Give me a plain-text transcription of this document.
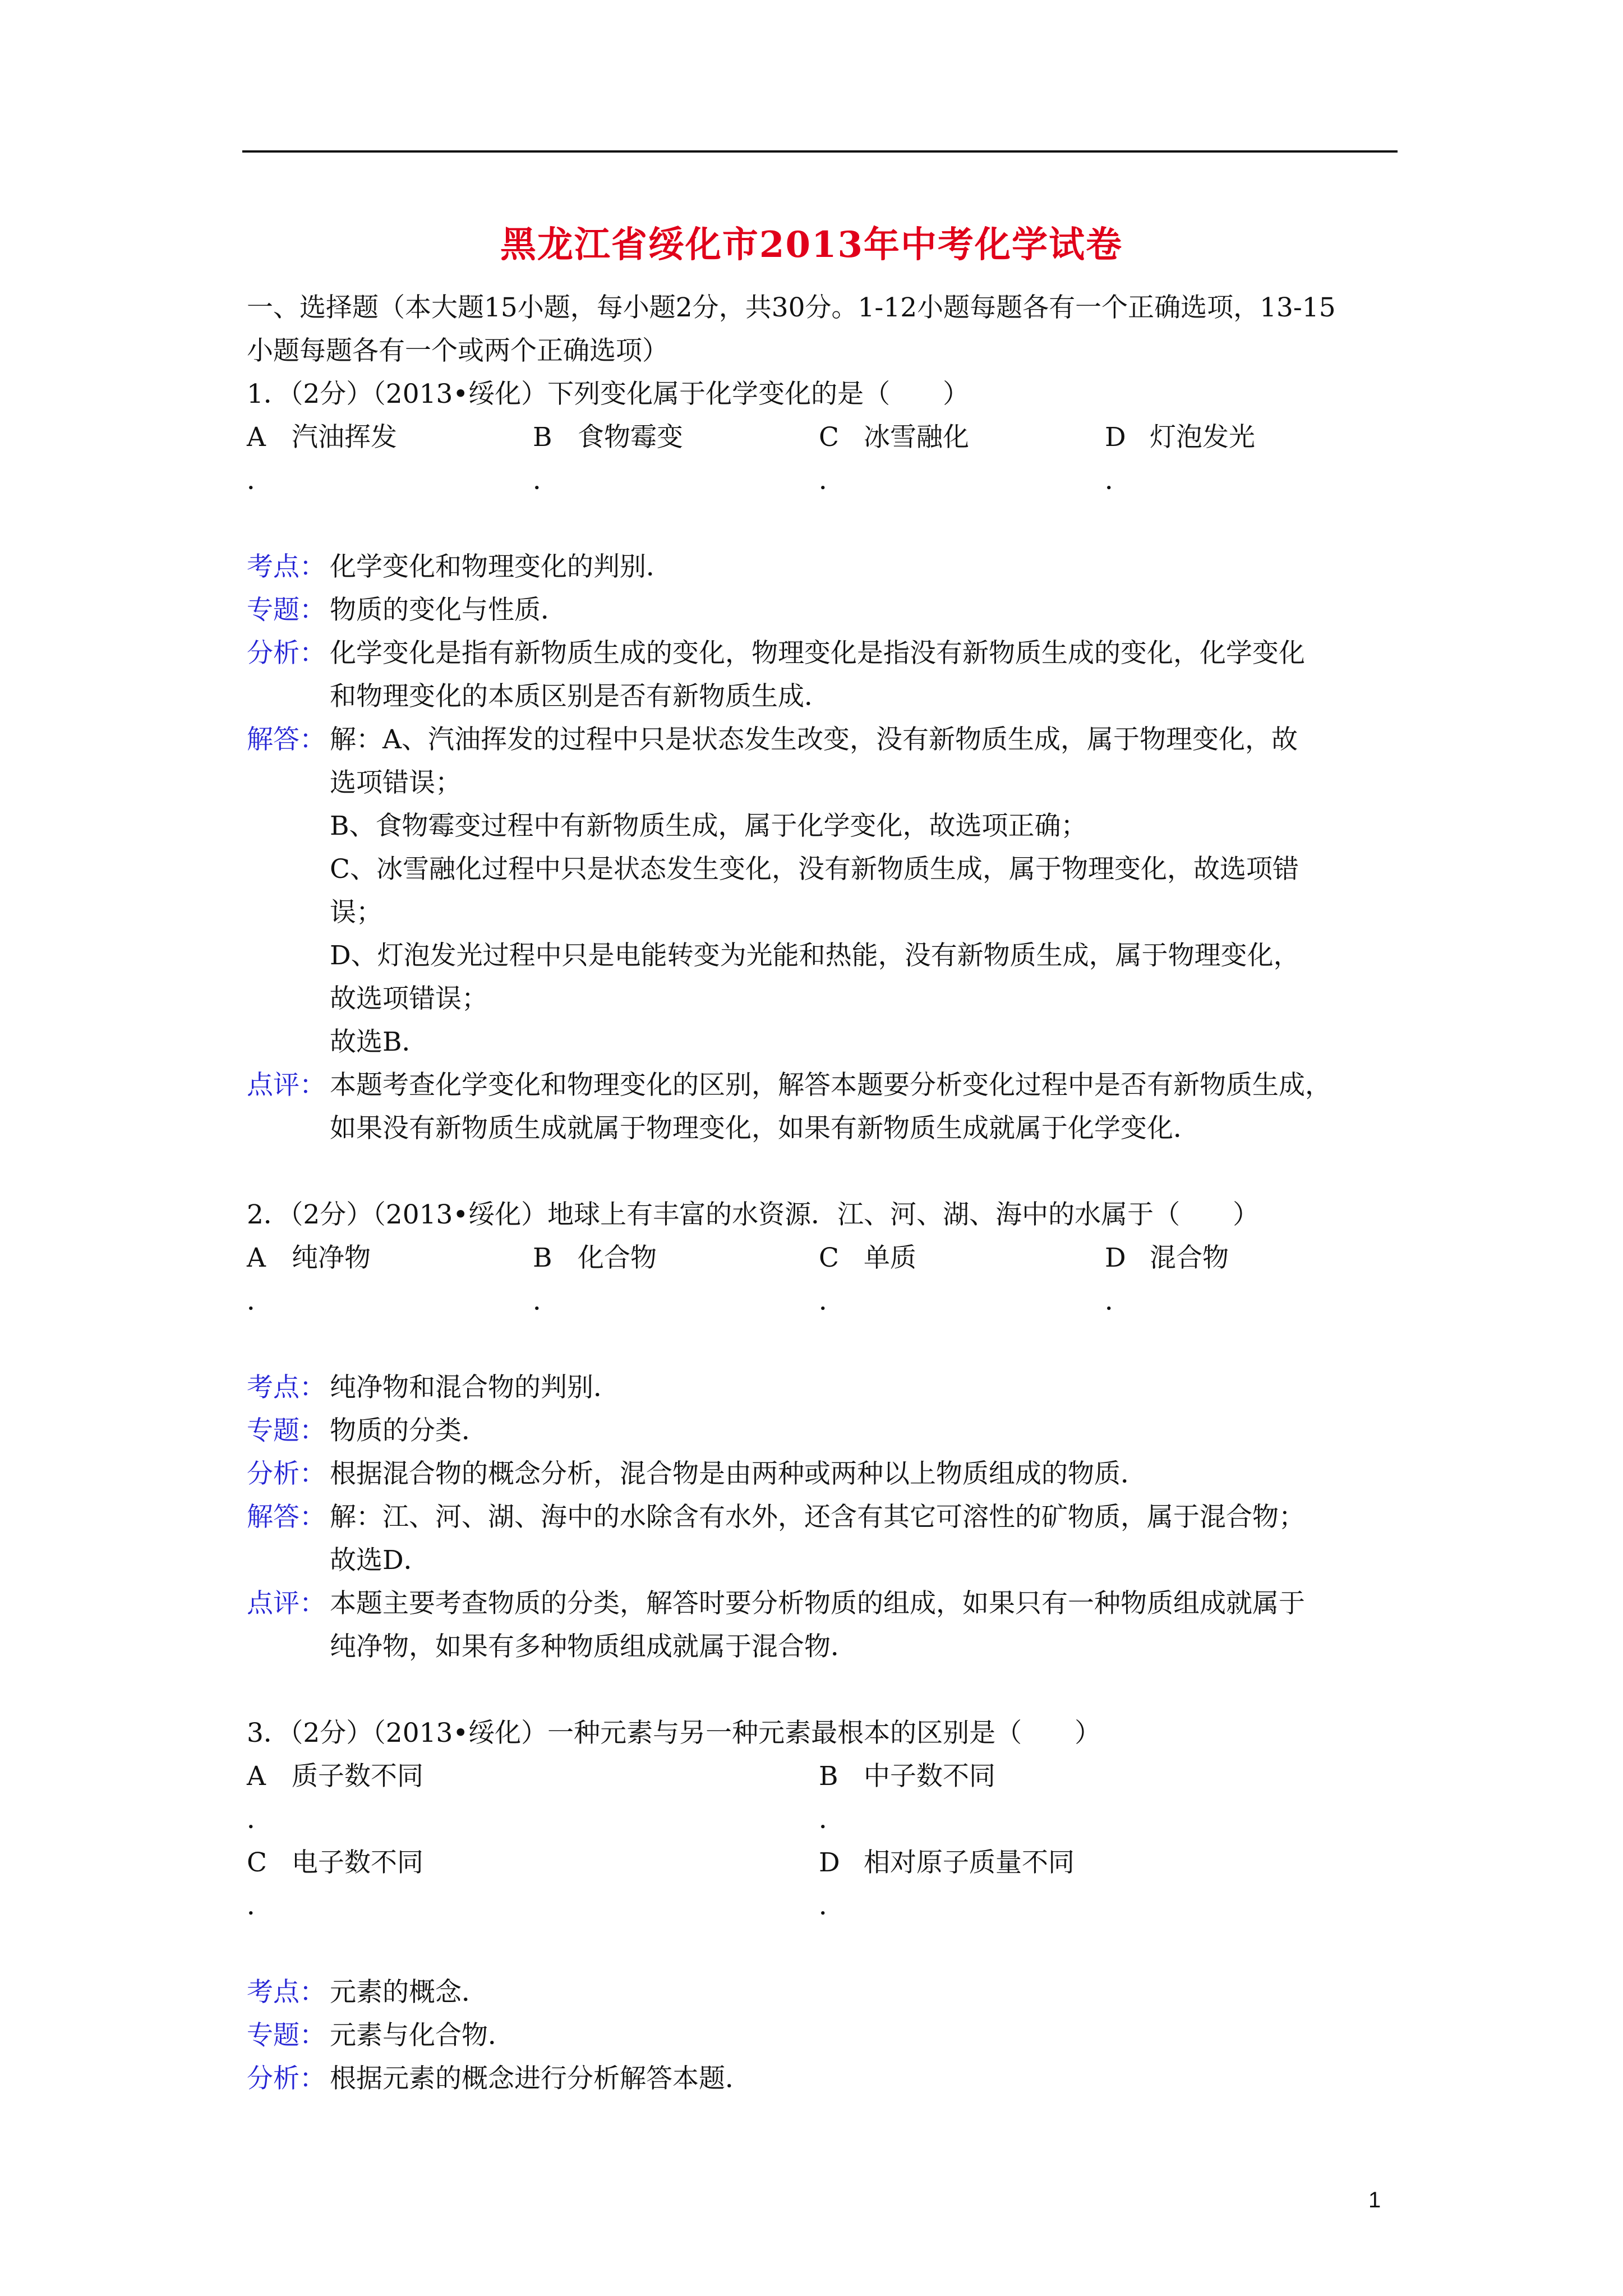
黑龙江省绥化市2013年中考化学试卷
一、选择题（本大题15小题，每小题2分，共30分。1-12小题每题各有一个正确选项，13-15
小题每题各有一个或两个正确选项）
1．（2分）（2013•绥化）下列变化属于化学变化的是（　　）
A 汽油挥发
．
B 食物霉变
．
C 冰雪融化
．
D 灯泡发光
．
考点： 化学变化和物理变化的判别．
专题： 物质的变化与性质．
分析： 化学变化是指有新物质生成的变化，物理变化是指没有新物质生成的变化，化学变化
和物理变化的本质区别是否有新物质生成．
解答： 解：A、汽油挥发的过程中只是状态发生改变，没有新物质生成，属于物理变化，故
选项错误；
B、食物霉变过程中有新物质生成，属于化学变化，故选项正确；
C、冰雪融化过程中只是状态发生变化，没有新物质生成，属于物理变化，故选项错
误；
D、灯泡发光过程中只是电能转变为光能和热能，没有新物质生成，属于物理变化，
故选项错误；
故选B．
点评： 本题考查化学变化和物理变化的区别，解答本题要分析变化过程中是否有新物质生成，
如果没有新物质生成就属于物理变化，如果有新物质生成就属于化学变化．
2．（2分）（2013•绥化）地球上有丰富的水资源．江、河、湖、海中的水属于（　　）
A 纯净物
．
B 化合物
．
C 单质
．
D 混合物
．
考点： 纯净物和混合物的判别．
专题： 物质的分类．
分析： 根据混合物的概念分析，混合物是由两种或两种以上物质组成的物质．
解答： 解：江、河、湖、海中的水除含有水外，还含有其它可溶性的矿物质，属于混合物；
故选D．
点评： 本题主要考查物质的分类，解答时要分析物质的组成，如果只有一种物质组成就属于
纯净物，如果有多种物质组成就属于混合物．
3．（2分）（2013•绥化）一种元素与另一种元素最根本的区别是（　　）
A 质子数不同
．
B 中子数不同
．
C 电子数不同
．
D 相对原子质量不同
．
考点： 元素的概念．
专题： 元素与化合物．
分析： 根据元素的概念进行分析解答本题．
1
